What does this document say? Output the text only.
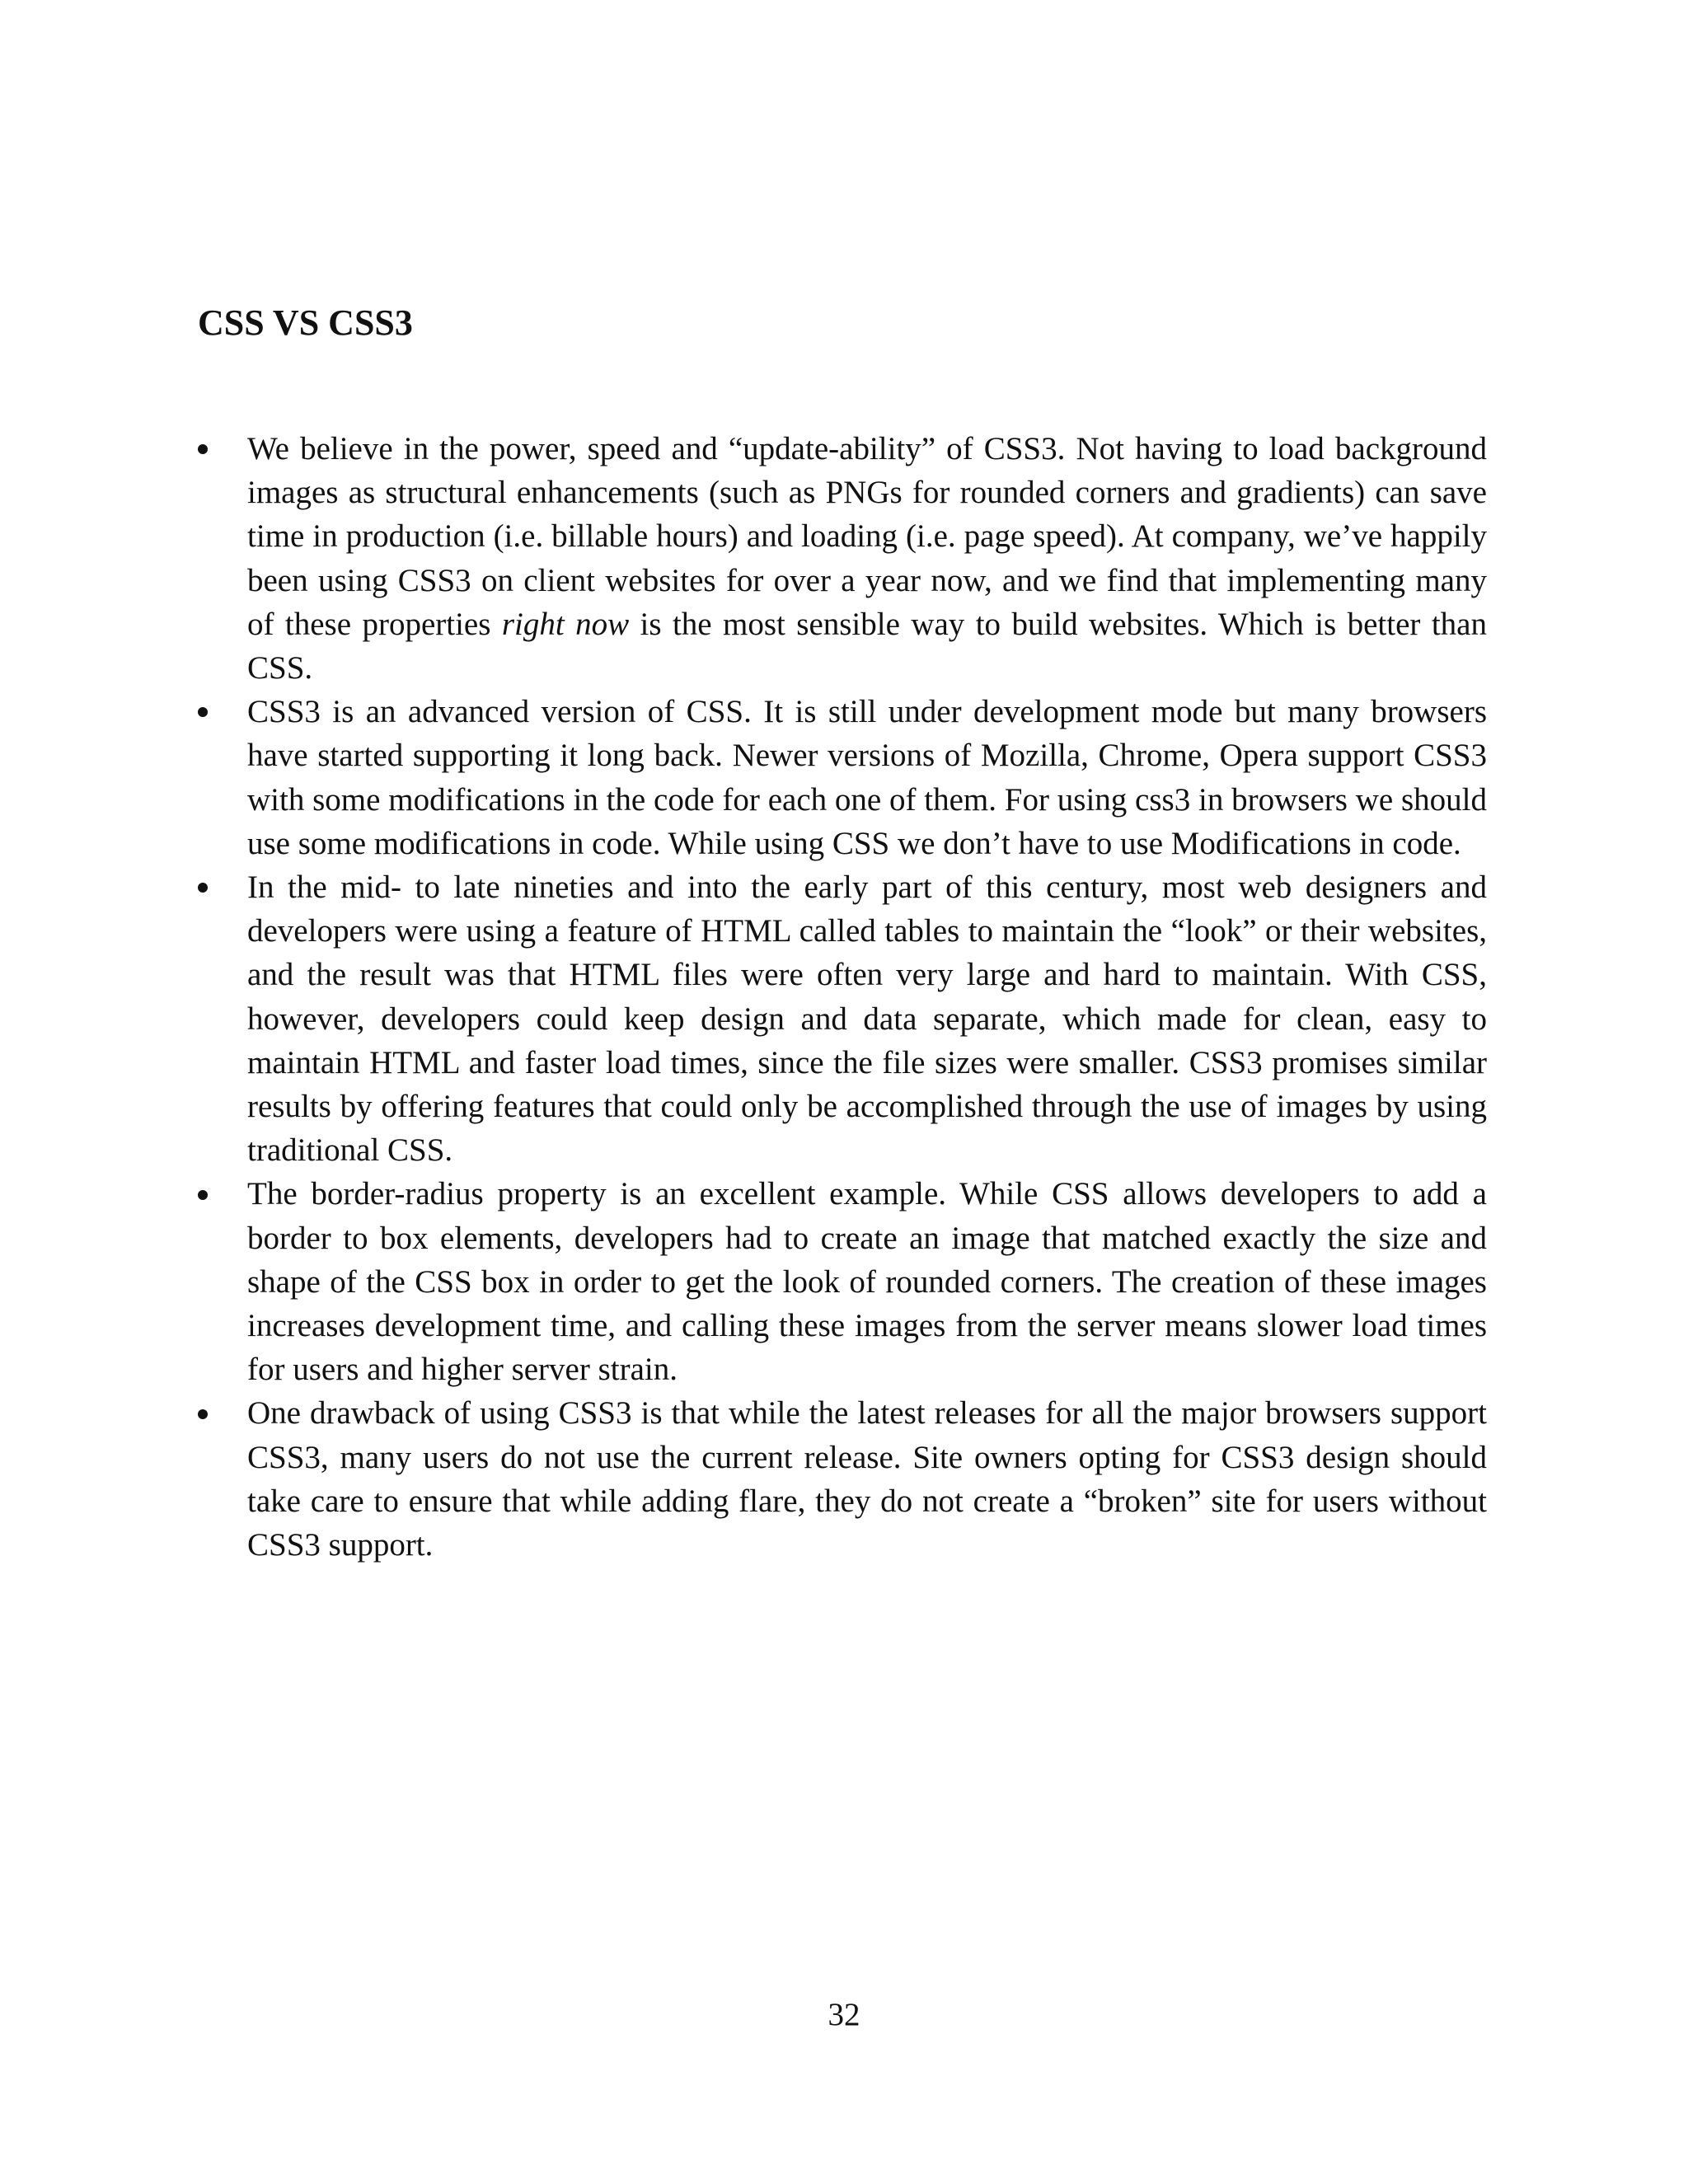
CSS VS CSS3
We believe in the power, speed and “update-ability” of CSS3. Not having to load background images as structural enhancements (such as PNGs for rounded corners and gradients) can save time in production (i.e. billable hours) and loading (i.e. page speed). At company, we’ve happily been using CSS3 on client websites for over a year now, and we find that implementing many of these properties right now is the most sensible way to build websites. Which is better than CSS.
CSS3 is an advanced version of CSS. It is still under development mode but many browsers have started supporting it long back. Newer versions of Mozilla, Chrome, Opera support CSS3 with some modifications in the code for each one of them. For using css3 in browsers we should use some modifications in code. While using CSS we don’t have to use Modifications in code.
In the mid- to late nineties and into the early part of this century, most web designers and developers were using a feature of HTML called tables to maintain the “look” or their websites, and the result was that HTML files were often very large and hard to maintain. With CSS, however, developers could keep design and data separate, which made for clean, easy to maintain HTML and faster load times, since the file sizes were smaller. CSS3 promises similar results by offering features that could only be accomplished through the use of images by using traditional CSS.
The border-radius property is an excellent example. While CSS allows developers to add a border to box elements, developers had to create an image that matched exactly the size and shape of the CSS box in order to get the look of rounded corners. The creation of these images increases development time, and calling these images from the server means slower load times for users and higher server strain.
One drawback of using CSS3 is that while the latest releases for all the major browsers support CSS3, many users do not use the current release. Site owners opting for CSS3 design should take care to ensure that while adding flare, they do not create a “broken” site for users without CSS3 support.
32
